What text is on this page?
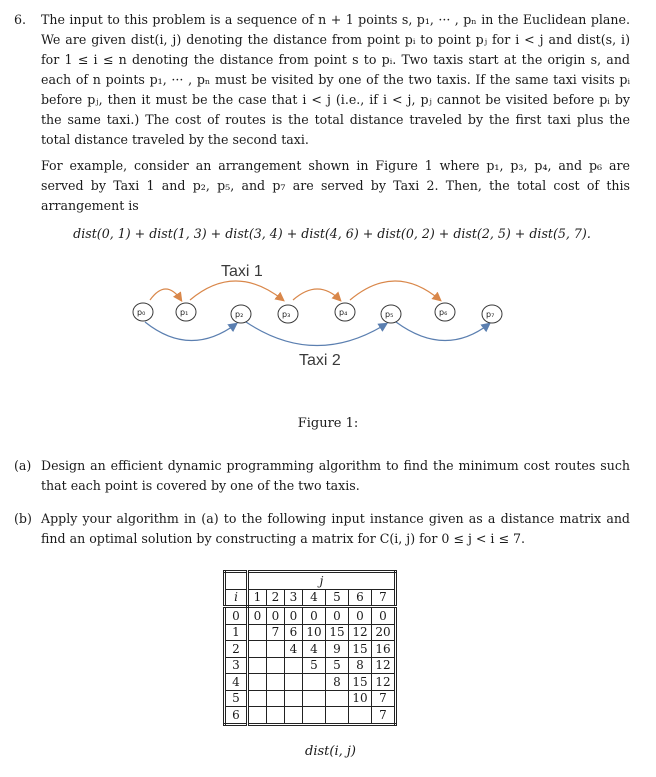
6. The input to this problem is a sequence of n + 1 points s, p₁, ··· , pₙ in the Euclidean plane. We are given dist(i, j) denoting the distance from point pᵢ to point pⱼ for i < j and dist(s, i) for 1 ≤ i ≤ n denoting the distance from point s to pᵢ. Two taxis start at the origin s, and each of n points p₁, ··· , pₙ must be visited by one of the two taxis. If the same taxi visits pᵢ before pⱼ, then it must be the case that i < j (i.e., if i < j, pⱼ cannot be visited before pᵢ by the same taxi.) The cost of routes is the total distance traveled by the first taxi plus the total distance traveled by the second taxi.
For example, consider an arrangement shown in Figure 1 where p₁, p₃, p₄, and p₆ are served by Taxi 1 and p₂, p₅, and p₇ are served by Taxi 2. Then, the total cost of this arrangement is
dist(0, 1) + dist(1, 3) + dist(3, 4) + dist(4, 6) + dist(0, 2) + dist(2, 5) + dist(5, 7).
p₀	p₁	p₂	p₃	p₄	p₅	p₆	p₇
Taxi 1
Taxi 2
Figure 1:
(a) Design an efficient dynamic programming algorithm to find the minimum cost routes such that each point is covered by one of the two taxis.
(b) Apply your algorithm in (a) to the following input instance given as a distance matrix and find an optimal solution by constructing a matrix for C(i, j) for 0 ≤ j < i ≤ 7.
	j						
i	1	2	3	4	5	6	7
0	0	0	0	0	0	0	0
1		7	6	10	15	12	20
2			4	4	9	15	16
3				5	5	8	12
4					8	15	12
5						10	7
6							7
dist(i, j)
